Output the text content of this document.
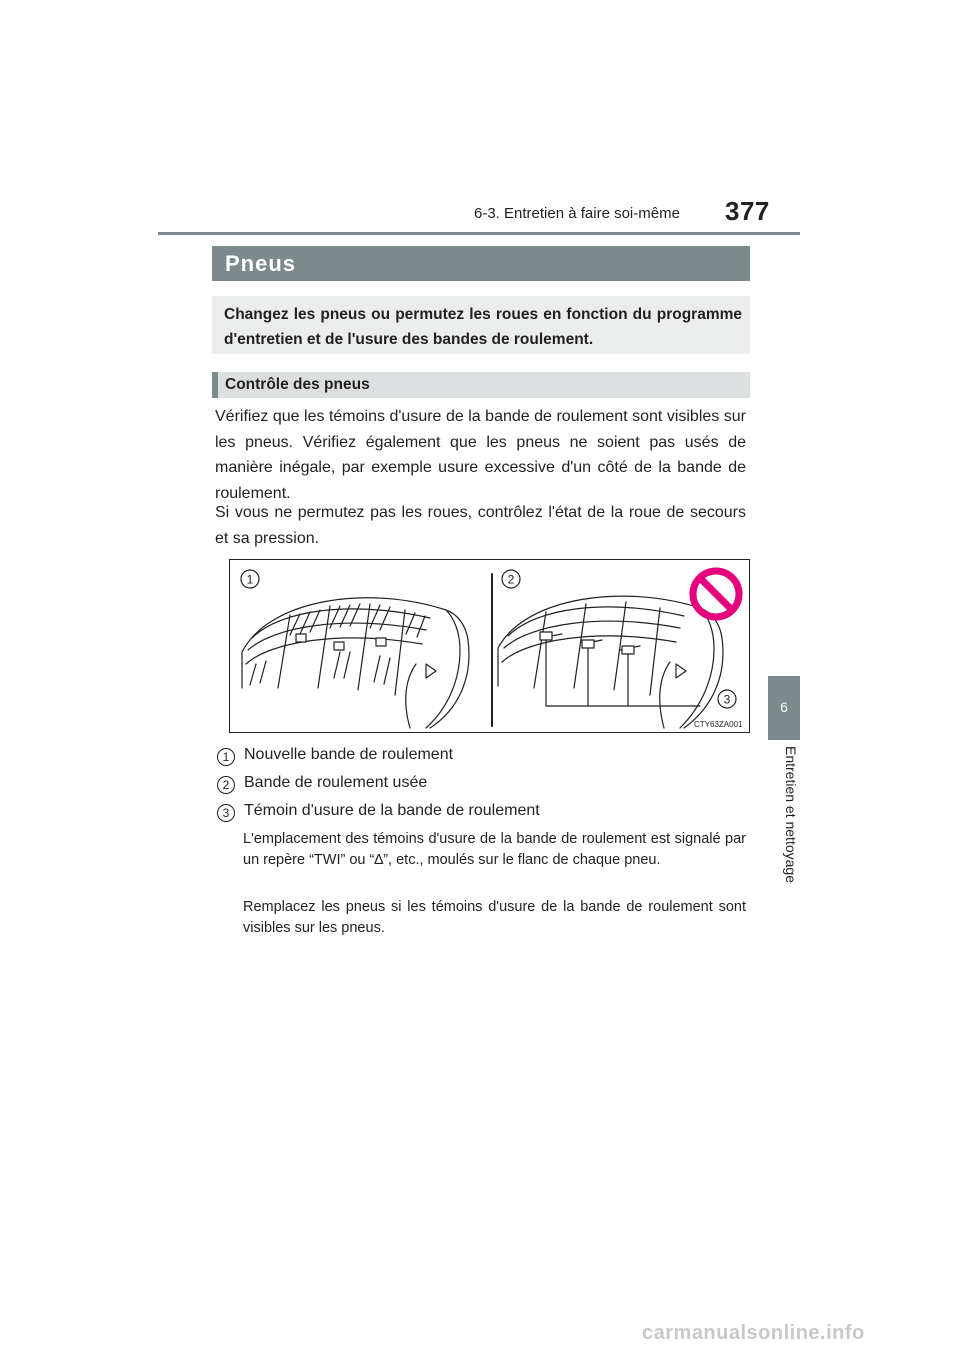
6-3. Entretien à faire soi-même 377
6
Entretien et nettoyage
Pneus
Changez les pneus ou permutez les roues en fonction du programme d'entretien et de l'usure des bandes de roulement.
Contrôle des pneus
Vérifiez que les témoins d'usure de la bande de roulement sont visibles sur les pneus. Vérifiez également que les pneus ne soient pas usés de manière inégale, par exemple usure excessive d'un côté de la bande de roulement.
Si vous ne permutez pas les roues, contrôlez l'état de la roue de secours et sa pression.
1	2
3
CTY63ZA001
1 Nouvelle bande de roulement
2 Bande de roulement usée
3 Témoin d'usure de la bande de roulement
L'emplacement des témoins d'usure de la bande de roulement est signalé par un repère “TWI” ou “∆”, etc., moulés sur le flanc de chaque pneu.
Remplacez les pneus si les témoins d'usure de la bande de roulement sont visibles sur les pneus.
carmanualsonline.info
